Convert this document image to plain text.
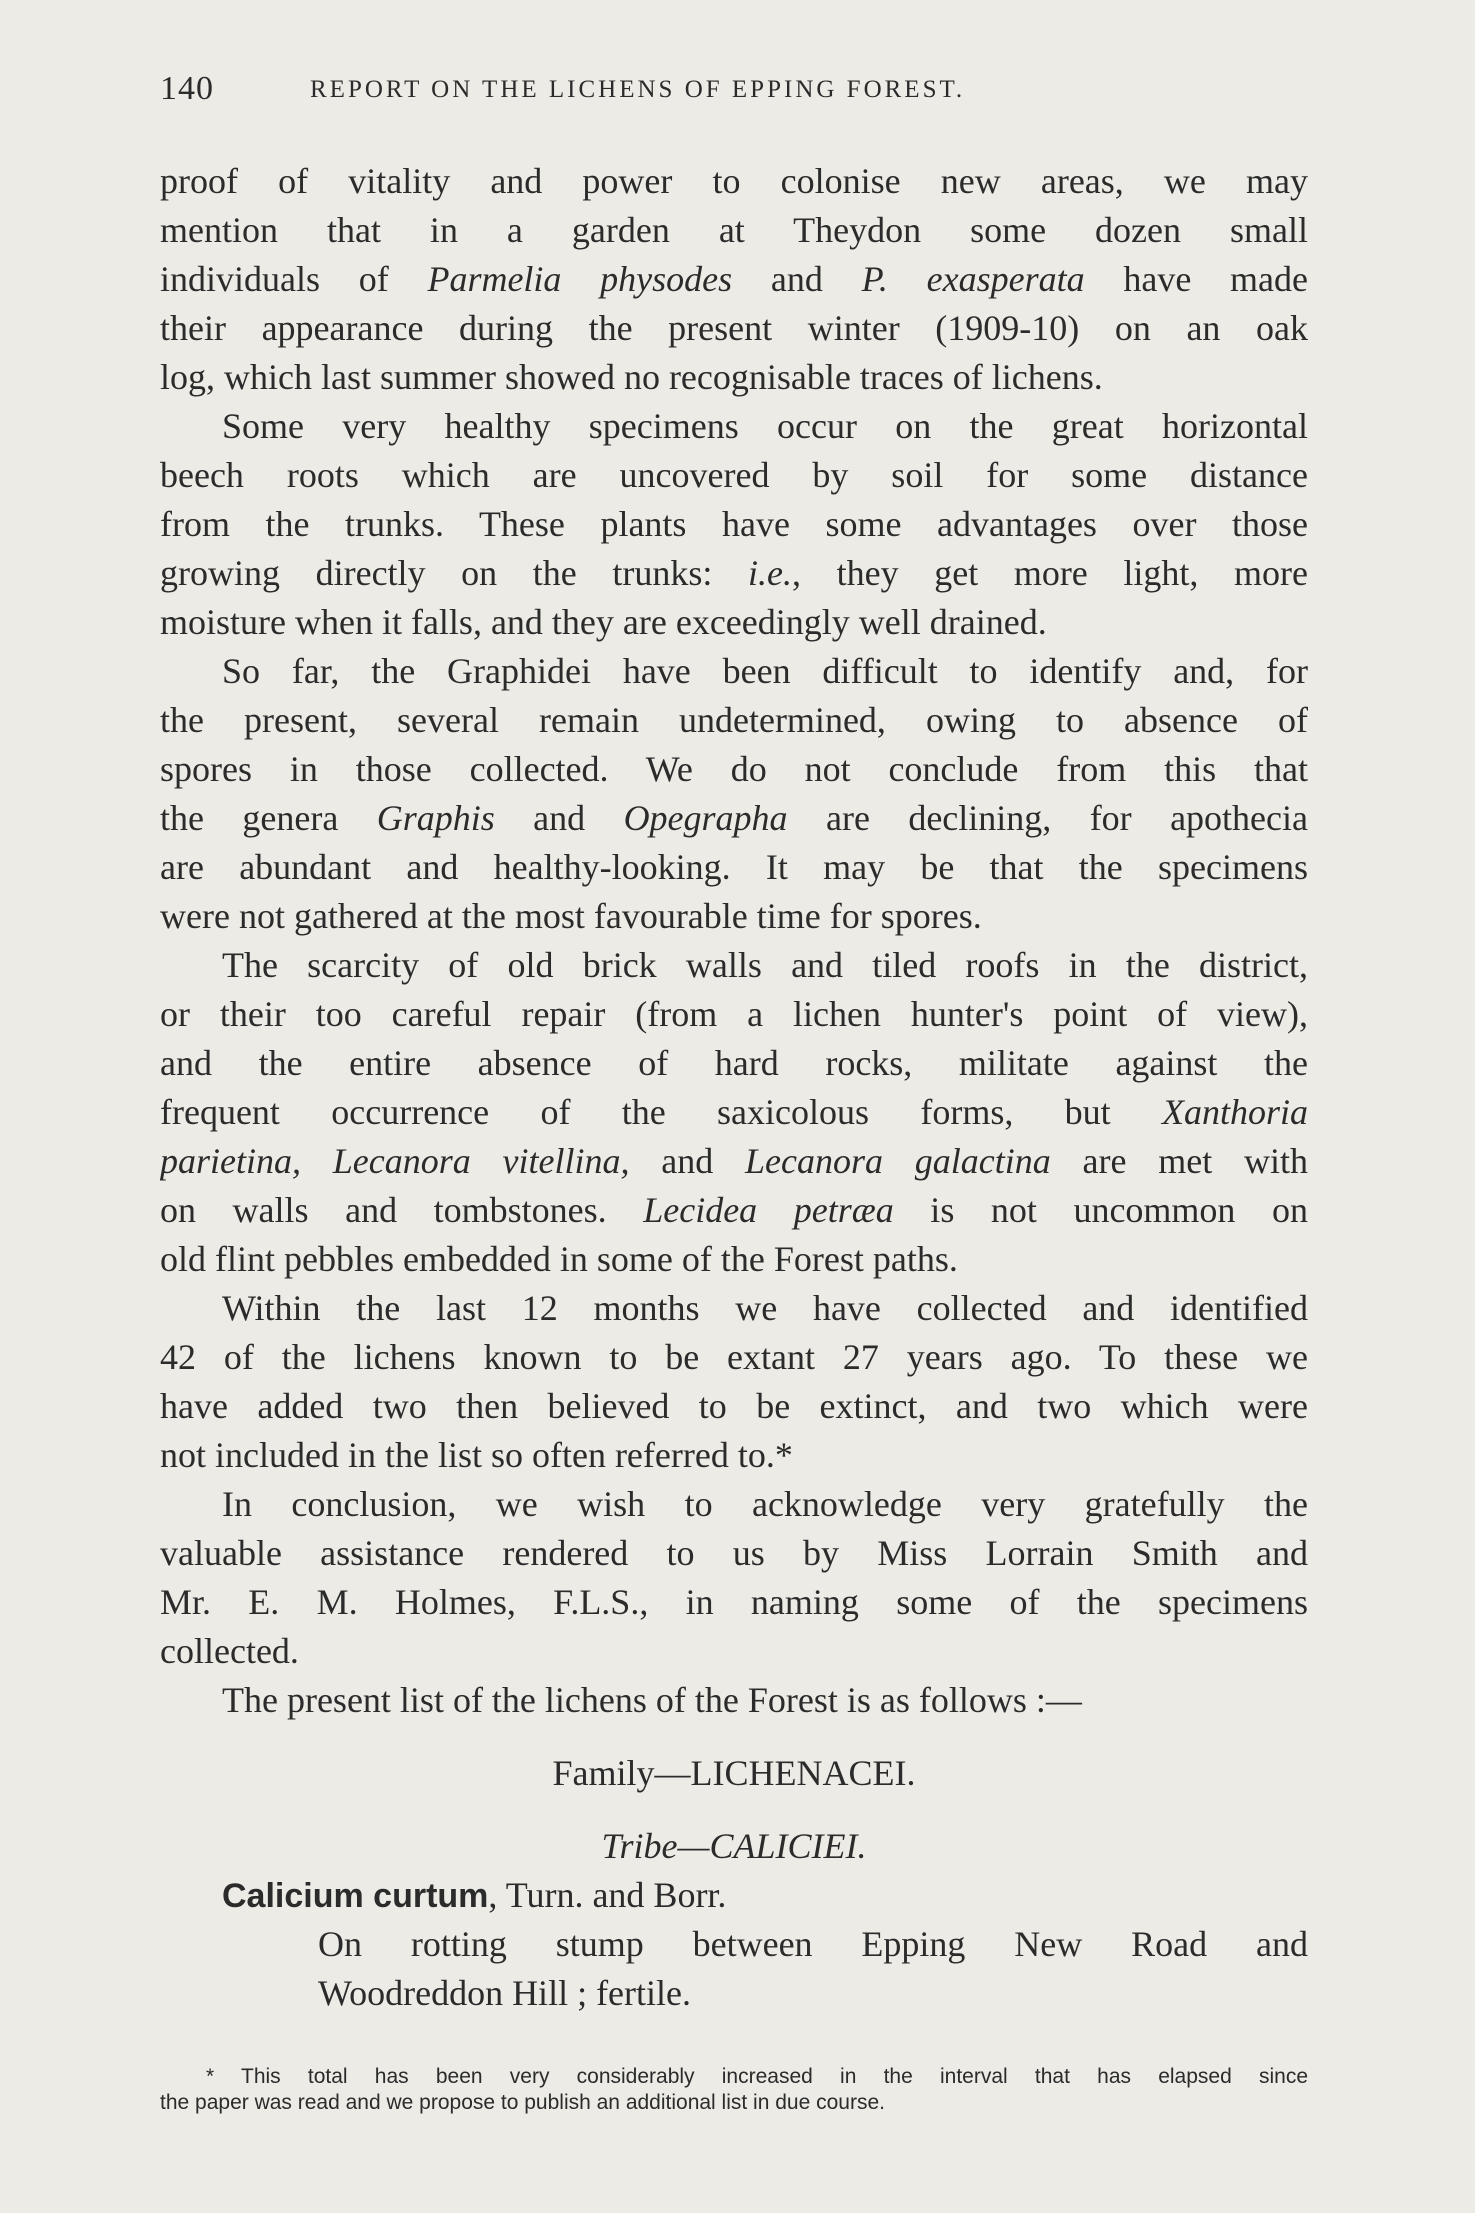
140	REPORT ON THE LICHENS OF EPPING FOREST.
proof of vitality and power to colonise new areas, we may
mention that in a garden at Theydon some dozen small
individuals of Parmelia physodes and P. exasperata have made
their appearance during the present winter (1909-10) on an oak
log, which last summer showed no recognisable traces of lichens.
Some very healthy specimens occur on the great horizontal
beech roots which are uncovered by soil for some distance
from the trunks. These plants have some advantages over those
growing directly on the trunks: i.e., they get more light, more
moisture when it falls, and they are exceedingly well drained.
So far, the Graphidei have been difficult to identify and, for
the present, several remain undetermined, owing to absence of
spores in those collected. We do not conclude from this that
the genera Graphis and Opegrapha are declining, for apothecia
are abundant and healthy-looking. It may be that the specimens
were not gathered at the most favourable time for spores.
The scarcity of old brick walls and tiled roofs in the district,
or their too careful repair (from a lichen hunter's point of view),
and the entire absence of hard rocks, militate against the
frequent occurrence of the saxicolous forms, but Xanthoria
parietina, Lecanora vitellina, and Lecanora galactina are met with
on walls and tombstones. Lecidea petræa is not uncommon on
old flint pebbles embedded in some of the Forest paths.
Within the last 12 months we have collected and identified
42 of the lichens known to be extant 27 years ago. To these we
have added two then believed to be extinct, and two which were
not included in the list so often referred to.*
In conclusion, we wish to acknowledge very gratefully the
valuable assistance rendered to us by Miss Lorrain Smith and
Mr. E. M. Holmes, F.L.S., in naming some of the specimens
collected.
The present list of the lichens of the Forest is as follows :—
Family—LICHENACEI.
Tribe—CALICIEI.
Calicium curtum, Turn. and Borr.
On rotting stump between Epping New Road and
Woodreddon Hill ; fertile.
* This total has been very considerably increased in the interval that has elapsed since
the paper was read and we propose to publish an additional list in due course.
